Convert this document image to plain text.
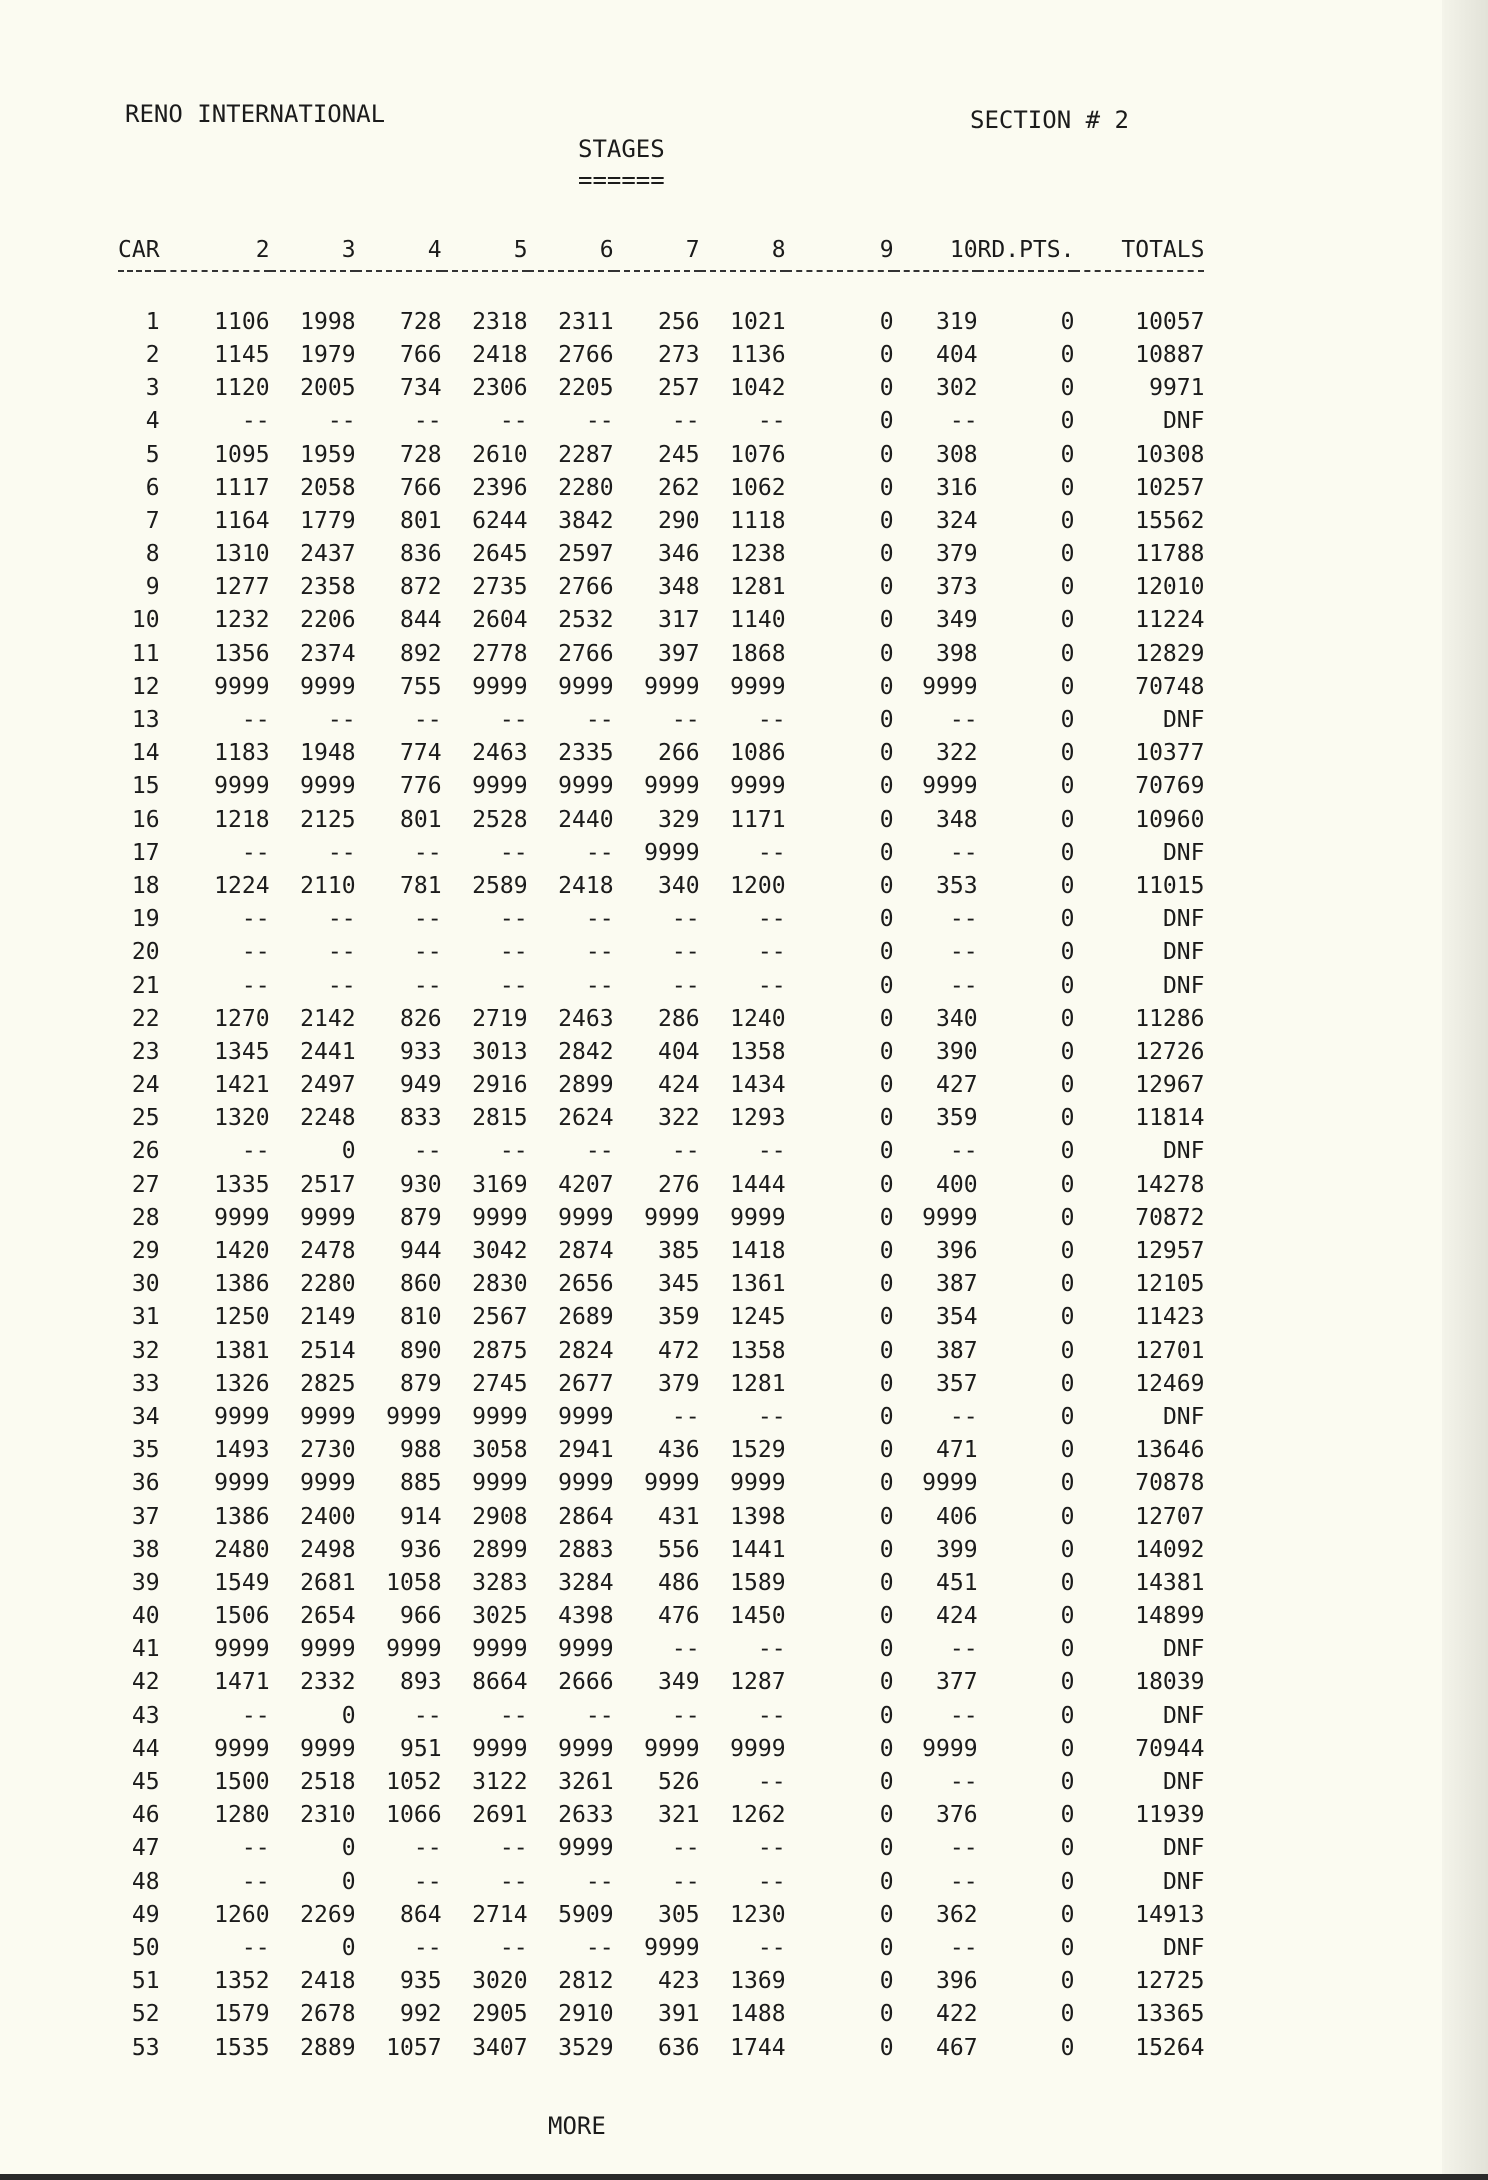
RENO INTERNATIONAL	SECTION # 2
STAGES
======
CAR	2	3	4	5	6	7	8	9	10	RD.PTS.	TOTALS

1	1106	1998	728	2318	2311	256	1021	0	319	0	10057
2	1145	1979	766	2418	2766	273	1136	0	404	0	10887
3	1120	2005	734	2306	2205	257	1042	0	302	0	9971
4	--	--	--	--	--	--	--	0	--	0	DNF
5	1095	1959	728	2610	2287	245	1076	0	308	0	10308
6	1117	2058	766	2396	2280	262	1062	0	316	0	10257
7	1164	1779	801	6244	3842	290	1118	0	324	0	15562
8	1310	2437	836	2645	2597	346	1238	0	379	0	11788
9	1277	2358	872	2735	2766	348	1281	0	373	0	12010
10	1232	2206	844	2604	2532	317	1140	0	349	0	11224
11	1356	2374	892	2778	2766	397	1868	0	398	0	12829
12	9999	9999	755	9999	9999	9999	9999	0	9999	0	70748
13	--	--	--	--	--	--	--	0	--	0	DNF
14	1183	1948	774	2463	2335	266	1086	0	322	0	10377
15	9999	9999	776	9999	9999	9999	9999	0	9999	0	70769
16	1218	2125	801	2528	2440	329	1171	0	348	0	10960
17	--	--	--	--	--	9999	--	0	--	0	DNF
18	1224	2110	781	2589	2418	340	1200	0	353	0	11015
19	--	--	--	--	--	--	--	0	--	0	DNF
20	--	--	--	--	--	--	--	0	--	0	DNF
21	--	--	--	--	--	--	--	0	--	0	DNF
22	1270	2142	826	2719	2463	286	1240	0	340	0	11286
23	1345	2441	933	3013	2842	404	1358	0	390	0	12726
24	1421	2497	949	2916	2899	424	1434	0	427	0	12967
25	1320	2248	833	2815	2624	322	1293	0	359	0	11814
26	--	0	--	--	--	--	--	0	--	0	DNF
27	1335	2517	930	3169	4207	276	1444	0	400	0	14278
28	9999	9999	879	9999	9999	9999	9999	0	9999	0	70872
29	1420	2478	944	3042	2874	385	1418	0	396	0	12957
30	1386	2280	860	2830	2656	345	1361	0	387	0	12105
31	1250	2149	810	2567	2689	359	1245	0	354	0	11423
32	1381	2514	890	2875	2824	472	1358	0	387	0	12701
33	1326	2825	879	2745	2677	379	1281	0	357	0	12469
34	9999	9999	9999	9999	9999	--	--	0	--	0	DNF
35	1493	2730	988	3058	2941	436	1529	0	471	0	13646
36	9999	9999	885	9999	9999	9999	9999	0	9999	0	70878
37	1386	2400	914	2908	2864	431	1398	0	406	0	12707
38	2480	2498	936	2899	2883	556	1441	0	399	0	14092
39	1549	2681	1058	3283	3284	486	1589	0	451	0	14381
40	1506	2654	966	3025	4398	476	1450	0	424	0	14899
41	9999	9999	9999	9999	9999	--	--	0	--	0	DNF
42	1471	2332	893	8664	2666	349	1287	0	377	0	18039
43	--	0	--	--	--	--	--	0	--	0	DNF
44	9999	9999	951	9999	9999	9999	9999	0	9999	0	70944
45	1500	2518	1052	3122	3261	526	--	0	--	0	DNF
46	1280	2310	1066	2691	2633	321	1262	0	376	0	11939
47	--	0	--	--	9999	--	--	0	--	0	DNF
48	--	0	--	--	--	--	--	0	--	0	DNF
49	1260	2269	864	2714	5909	305	1230	0	362	0	14913
50	--	0	--	--	--	9999	--	0	--	0	DNF
51	1352	2418	935	3020	2812	423	1369	0	396	0	12725
52	1579	2678	992	2905	2910	391	1488	0	422	0	13365
53	1535	2889	1057	3407	3529	636	1744	0	467	0	15264
MORE
